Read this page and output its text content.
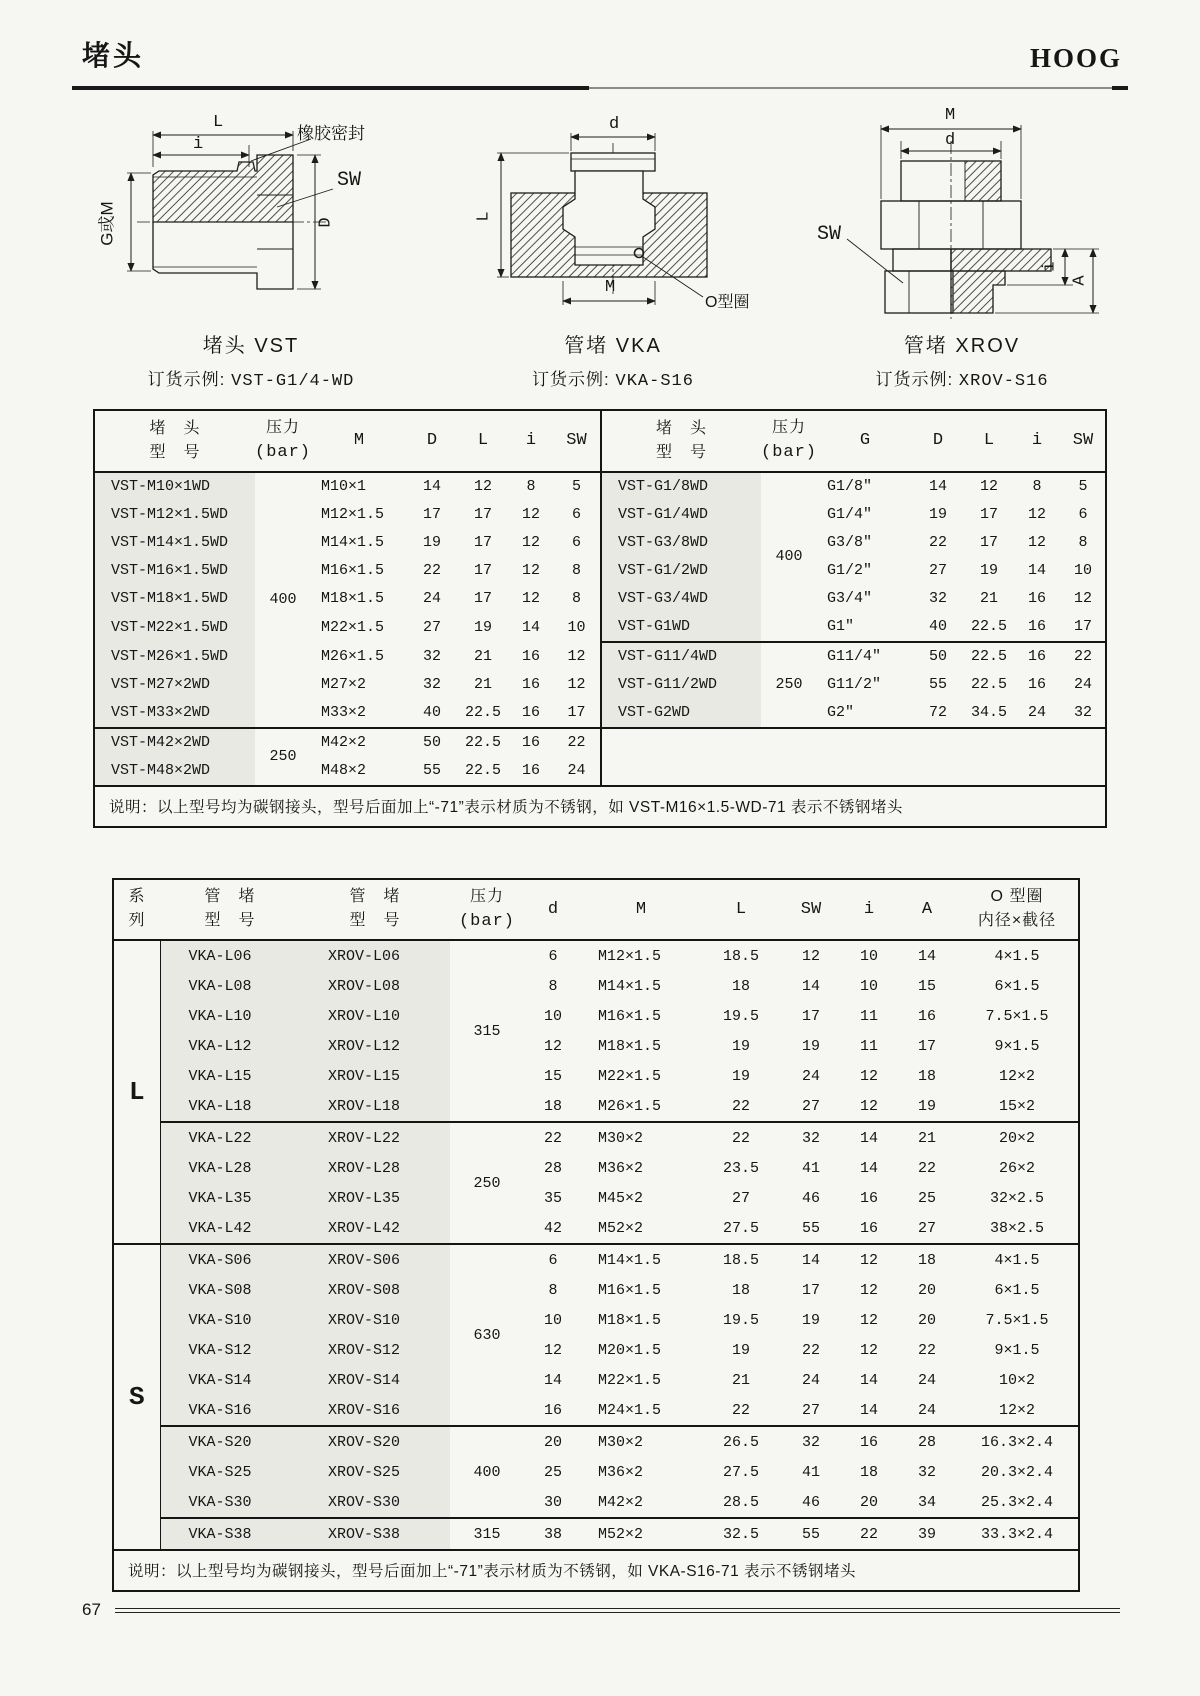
堵头	HOOG
L
i
橡胶密封
SW
G或M	D
堵头 VST
订货示例: VST-G1/4-WD
d
L
M
O型圈
管堵 VKA
订货示例: VKA-S16
M
d
SW
i
A
管堵 XROV
订货示例: XROV-S16
堵　头
型　号

压力
(bar)
	M	D	L	i	SW	
堵　头
型　号

压力
(bar)
	G	D	L	i	SW
VST-M10×1WD	400	M10×1	14	12	8	5	VST-G1/8WD	400	G1/8″	14	12	8	5
VST-M12×1.5WD		M12×1.5	17	17	12	6	VST-G1/4WD		G1/4″	19	17	12	6
VST-M14×1.5WD		M14×1.5	19	17	12	6	VST-G3/8WD		G3/8″	22	17	12	8
VST-M16×1.5WD		M16×1.5	22	17	12	8	VST-G1/2WD		G1/2″	27	19	14	10
VST-M18×1.5WD		M18×1.5	24	17	12	8	VST-G3/4WD		G3/4″	32	21	16	12
VST-M22×1.5WD		M22×1.5	27	19	14	10	VST-G1WD		G1″	40	22.5	16	17
VST-M26×1.5WD		M26×1.5	32	21	16	12	VST-G11/4WD	250	G11/4″	50	22.5	16	22
VST-M27×2WD		M27×2	32	21	16	12	VST-G11/2WD		G11/2″	55	22.5	16	24
VST-M33×2WD		M33×2	40	22.5	16	17	VST-G2WD		G2″	72	34.5	24	32
VST-M42×2WD	250	M42×2	50	22.5	16	22							
VST-M48×2WD		M48×2	55	22.5	16	24							
说明：以上型号均为碳钢接头，型号后面加上“-71”表示材质为不锈钢，如 VST-M16×1.5-WD-71 表示不锈钢堵头
系
列

管　堵
型　号

管　堵
型　号

压力
(bar)
	d	M	L	SW	i	A	
O 型圈
内径×截径

L	VKA-L06	XROV-L06	315	6	M12×1.5	18.5	12	10	14	4×1.5
	VKA-L08	XROV-L08		8	M14×1.5	18	14	10	15	6×1.5
	VKA-L10	XROV-L10		10	M16×1.5	19.5	17	11	16	7.5×1.5
	VKA-L12	XROV-L12		12	M18×1.5	19	19	11	17	9×1.5
	VKA-L15	XROV-L15		15	M22×1.5	19	24	12	18	12×2
	VKA-L18	XROV-L18		18	M26×1.5	22	27	12	19	15×2
	VKA-L22	XROV-L22	250	22	M30×2	22	32	14	21	20×2
	VKA-L28	XROV-L28		28	M36×2	23.5	41	14	22	26×2
	VKA-L35	XROV-L35		35	M45×2	27	46	16	25	32×2.5
	VKA-L42	XROV-L42		42	M52×2	27.5	55	16	27	38×2.5
S	VKA-S06	XROV-S06	630	6	M14×1.5	18.5	14	12	18	4×1.5
	VKA-S08	XROV-S08		8	M16×1.5	18	17	12	20	6×1.5
	VKA-S10	XROV-S10		10	M18×1.5	19.5	19	12	20	7.5×1.5
	VKA-S12	XROV-S12		12	M20×1.5	19	22	12	22	9×1.5
	VKA-S14	XROV-S14		14	M22×1.5	21	24	14	24	10×2
	VKA-S16	XROV-S16		16	M24×1.5	22	27	14	24	12×2
	VKA-S20	XROV-S20	400	20	M30×2	26.5	32	16	28	16.3×2.4
	VKA-S25	XROV-S25		25	M36×2	27.5	41	18	32	20.3×2.4
	VKA-S30	XROV-S30		30	M42×2	28.5	46	20	34	25.3×2.4
	VKA-S38	XROV-S38	315	38	M52×2	32.5	55	22	39	33.3×2.4
说明：以上型号均为碳钢接头，型号后面加上“-71”表示材质为不锈钢，如 VKA-S16-71 表示不锈钢堵头
67
